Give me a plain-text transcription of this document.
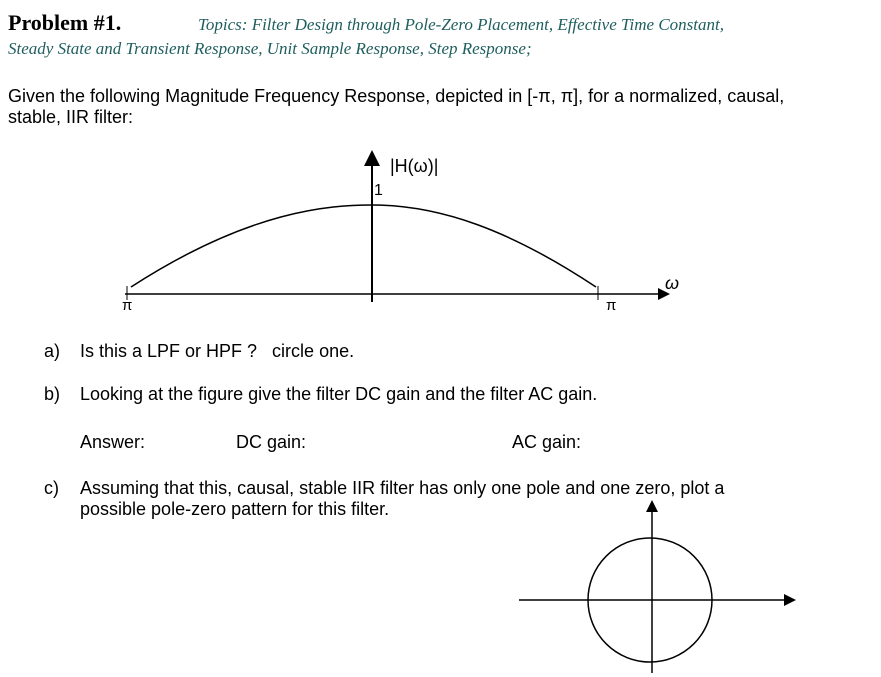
Problem #1.	Topics: Filter Design through Pole-Zero Placement, Effective Time Constant,
Steady State and Transient Response, Unit Sample Response, Step Response;
Given the following Magnitude Frequency Response, depicted in [-π, π], for a normalized, causal,
stable, IIR filter:
|H(ω)|
1
π	π
ω
a) Is this a LPF or HPF ?   circle one.
b) Looking at the figure give the filter DC gain and the filter AC gain.
Answer:	DC gain:	AC gain:
c) Assuming that this, causal, stable IIR filter has only one pole and one zero, plot a
possible pole-zero pattern for this filter.
